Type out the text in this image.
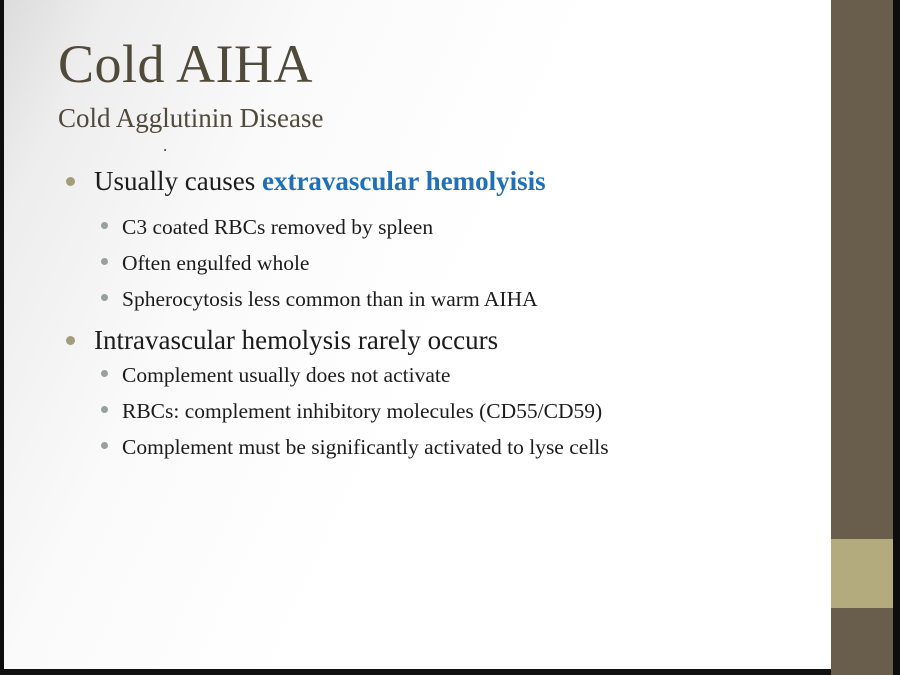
Cold AIHA
Cold Agglutinin Disease
.
Usually causes extravascular hemolyisis
C3 coated RBCs removed by spleen
Often engulfed whole
Spherocytosis less common than in warm AIHA
Intravascular hemolysis rarely occurs
Complement usually does not activate
RBCs: complement inhibitory molecules (CD55/CD59)
Complement must be significantly activated to lyse cells
